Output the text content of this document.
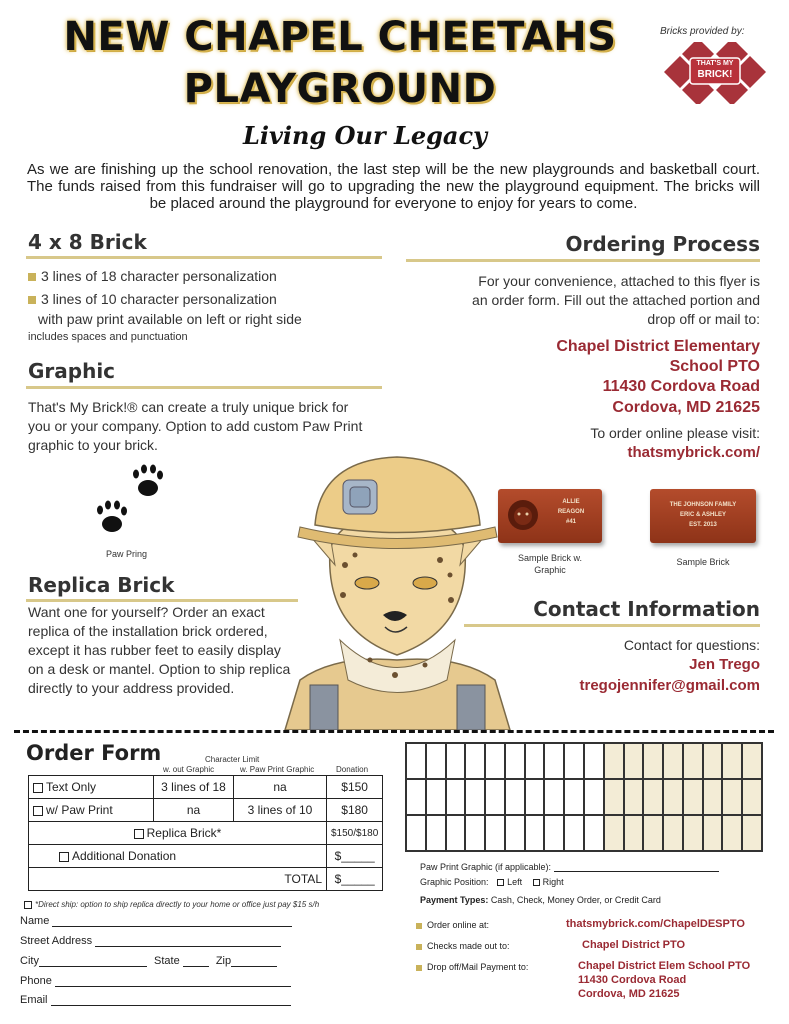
NEW CHAPEL CHEETAHS
PLAYGROUND
Living Our Legacy
Bricks provided by:
THAT'S MY
BRICK!
As we are finishing up the school renovation, the last step will be the new playgrounds and basketball court. The funds raised from this fundraiser will go to upgrading the new the playground equipment. The bricks will be placed around the playground for everyone to enjoy for years to come.
4 x 8 Brick
3 lines of 18 character personalization
3 lines of 10 character personalization
with paw print available on left or right side
includes spaces and punctuation
Graphic
That's My Brick!® can create a truly unique brick for you or your company. Option to add custom Paw Print graphic to your brick.
Paw Pring
Replica Brick
Want one for yourself? Order an exact replica of the installation brick ordered, except it has rubber feet to easily display on a desk or mantel. Option to ship replica directly to your address provided.
Ordering Process
For your convenience, attached to this flyer is an order form. Fill out the attached portion and drop off or mail to:
Chapel District Elementary
School PTO
11430 Cordova Road
Cordova, MD 21625
To order online please visit:
thatsmybrick.com/
ALLIE
REAGON
#41
Sample Brick w.
Graphic
THE JOHNSON FAMILY
ERIC & ASHLEY
EST. 2013
Sample Brick
Contact Information
Contact for questions:
Jen Trego
tregojennifer@gmail.com
Order Form	Character Limit
w. out Graphic	w. Paw Print Graphic	Donation
Text Only	3 lines of 18	na	$150
w/ Paw Print	na	3 lines of 10	$180
Replica Brick*			$150/$180
Additional Donation			$_____
TOTAL			$_____
*Direct ship: option to ship replica directly to your home or office just pay $15 s/h
Name
Street Address
City	State	Zip
Phone
Email
Paw Print Graphic (if applicable):
Graphic Position: Left Right
Payment Types: Cash, Check, Money Order, or Credit Card
Order online at:	thatsmybrick.com/ChapelDESPTO
Checks made out to:	Chapel District PTO
Drop off/Mail Payment to:	Chapel District Elem School PTO
11430 Cordova Road
Cordova, MD 21625
